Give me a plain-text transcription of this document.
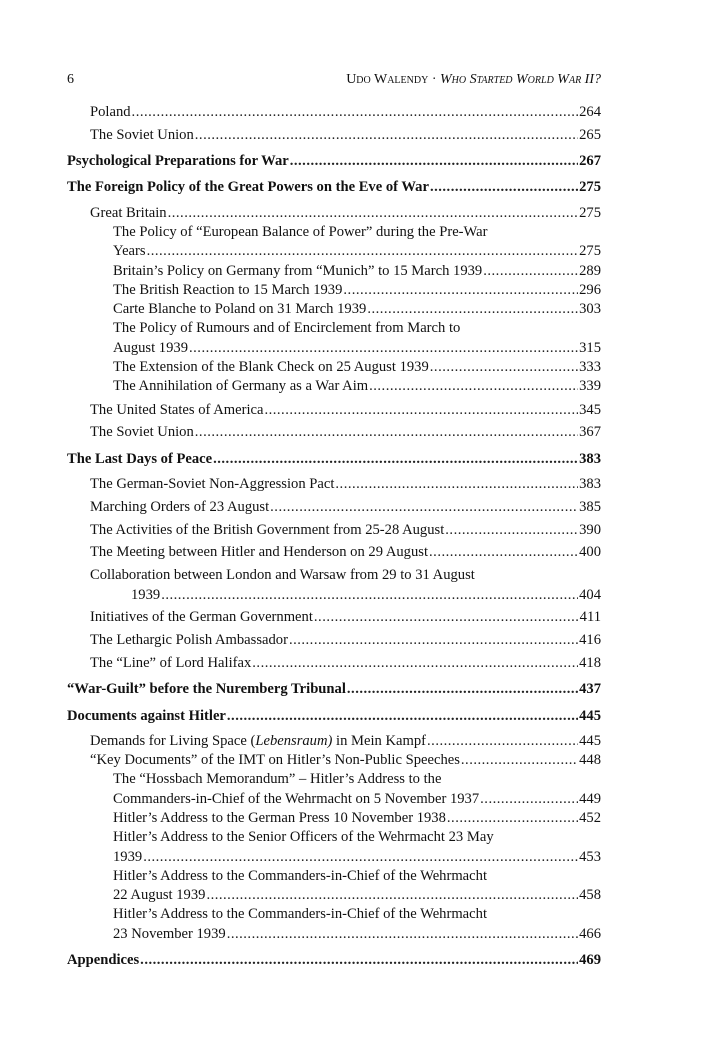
6	Udo Walendy · Who Started World War II?
Poland .....	264
The Soviet Union .....	265
Psychological Preparations for War .....	267
The Foreign Policy of the Great Powers on the Eve of War .....	275
Great Britain .....	275
The Policy of “European Balance of Power” during the Pre-War
Years .....	275
Britain’s Policy on Germany from “Munich” to 15 March 1939 .....	289
The British Reaction to 15 March 1939 .....	296
Carte Blanche to Poland on 31 March 1939 .....	303
The Policy of Rumours and of Encirclement from March to
August 1939 .....	315
The Extension of the Blank Check on 25 August 1939 .....	333
The Annihilation of Germany as a War Aim .....	339
The United States of America .....	345
The Soviet Union .....	367
The Last Days of Peace .....	383
The German-Soviet Non-Aggression Pact .....	383
Marching Orders of 23 August .....	385
The Activities of the British Government from 25-28 August .....	390
The Meeting between Hitler and Henderson on 29 August .....	400
Collaboration between London and Warsaw from 29 to 31 August
1939 .....	404
Initiatives of the German Government .....	411
The Lethargic Polish Ambassador .....	416
The “Line” of Lord Halifax .....	418
“War-Guilt” before the Nuremberg Tribunal .....	437
Documents against Hitler .....	445
Demands for Living Space (Lebensraum) in Mein Kampf .....	445
“Key Documents” of the IMT on Hitler’s Non-Public Speeches .....	448
The “Hossbach Memorandum” – Hitler’s Address to the
Commanders-in-Chief of the Wehrmacht on 5 November 1937 .....	449
Hitler’s Address to the German Press 10 November 1938 .....	452
Hitler’s Address to the Senior Officers of the Wehrmacht 23 May
1939 .....	453
Hitler’s Address to the Commanders-in-Chief of the Wehrmacht
22 August 1939 .....	458
Hitler’s Address to the Commanders-in-Chief of the Wehrmacht
23 November 1939 .....	466
Appendices .....	469
